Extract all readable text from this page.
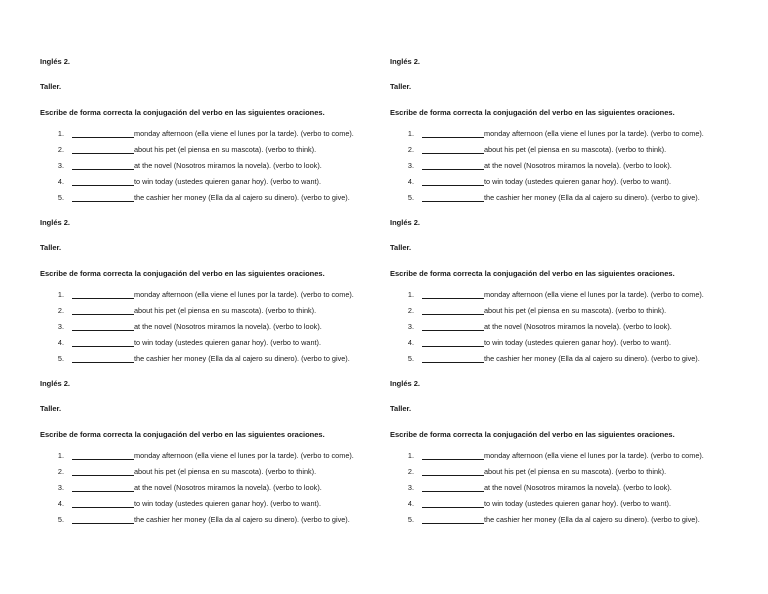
Inglés 2.
Taller.
Escribe de forma correcta la conjugación del verbo en las siguientes oraciones.
1.	monday afternoon (ella viene el lunes por la tarde). (verbo to come).
2.	about his pet (el piensa en su mascota). (verbo to think).
3.	at the novel (Nosotros miramos la novela). (verbo to look).
4.	to win today (ustedes quieren ganar hoy). (verbo to want).
5.	the cashier her money (Ella da al cajero su dinero). (verbo to give).
Inglés 2.
Taller.
Escribe de forma correcta la conjugación del verbo en las siguientes oraciones.
1.	monday afternoon (ella viene el lunes por la tarde). (verbo to come).
2.	about his pet (el piensa en su mascota). (verbo to think).
3.	at the novel (Nosotros miramos la novela). (verbo to look).
4.	to win today (ustedes quieren ganar hoy). (verbo to want).
5.	the cashier her money (Ella da al cajero su dinero). (verbo to give).
Inglés 2.
Taller.
Escribe de forma correcta la conjugación del verbo en las siguientes oraciones.
1.	monday afternoon (ella viene el lunes por la tarde). (verbo to come).
2.	about his pet (el piensa en su mascota). (verbo to think).
3.	at the novel (Nosotros miramos la novela). (verbo to look).
4.	to win today (ustedes quieren ganar hoy). (verbo to want).
5.	the cashier her money (Ella da al cajero su dinero). (verbo to give).
Inglés 2.
Taller.
Escribe de forma correcta la conjugación del verbo en las siguientes oraciones.
1.	monday afternoon (ella viene el lunes por la tarde). (verbo to come).
2.	about his pet (el piensa en su mascota). (verbo to think).
3.	at the novel (Nosotros miramos la novela). (verbo to look).
4.	to win today (ustedes quieren ganar hoy). (verbo to want).
5.	the cashier her money (Ella da al cajero su dinero). (verbo to give).
Inglés 2.
Taller.
Escribe de forma correcta la conjugación del verbo en las siguientes oraciones.
1.	monday afternoon (ella viene el lunes por la tarde). (verbo to come).
2.	about his pet (el piensa en su mascota). (verbo to think).
3.	at the novel (Nosotros miramos la novela). (verbo to look).
4.	to win today (ustedes quieren ganar hoy). (verbo to want).
5.	the cashier her money (Ella da al cajero su dinero). (verbo to give).
Inglés 2.
Taller.
Escribe de forma correcta la conjugación del verbo en las siguientes oraciones.
1.	monday afternoon (ella viene el lunes por la tarde). (verbo to come).
2.	about his pet (el piensa en su mascota). (verbo to think).
3.	at the novel (Nosotros miramos la novela). (verbo to look).
4.	to win today (ustedes quieren ganar hoy). (verbo to want).
5.	the cashier her money (Ella da al cajero su dinero). (verbo to give).
